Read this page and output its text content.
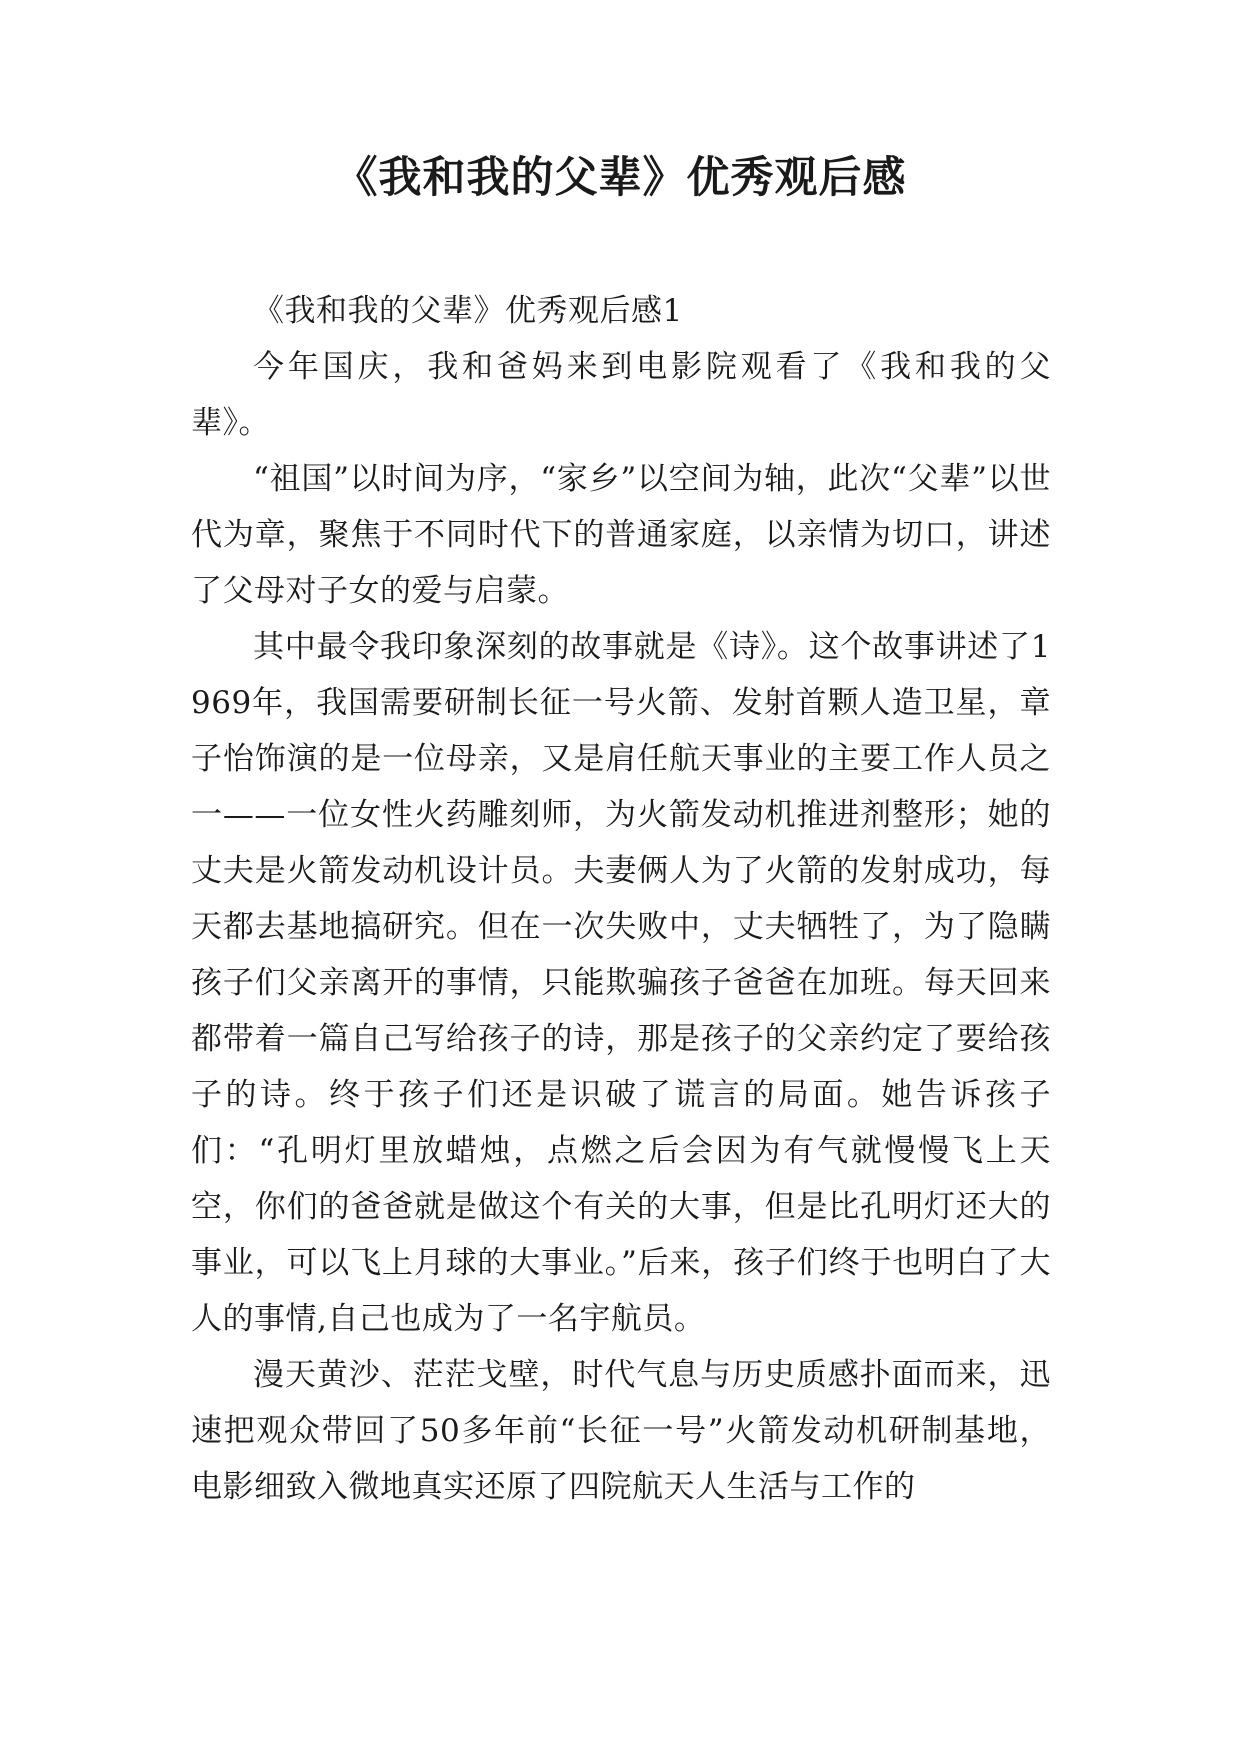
《我和我的父辈》优秀观后感

《我和我的父辈》优秀观后感1

今年国庆，我和爸妈来到电影院观看了《我和我的父辈》。

“祖国”以时间为序，“家乡”以空间为轴，此次“父辈”以世代为章，聚焦于不同时代下的普通家庭，以亲情为切口，讲述了父母对子女的爱与启蒙。

其中最令我印象深刻的故事就是《诗》。这个故事讲述了1969年，我国需要研制长征一号火箭、发射首颗人造卫星，章子怡饰演的是一位母亲，又是肩任航天事业的主要工作人员之一——一位女性火药雕刻师，为火箭发动机推进剂整形；她的丈夫是火箭发动机设计员。夫妻俩人为了火箭的发射成功，每天都去基地搞研究。但在一次失败中，丈夫牺牲了，为了隐瞒孩子们父亲离开的事情，只能欺骗孩子爸爸在加班。每天回来都带着一篇自己写给孩子的诗，那是孩子的父亲约定了要给孩子的诗。终于孩子们还是识破了谎言的局面。她告诉孩子们：“孔明灯里放蜡烛，点燃之后会因为有气就慢慢飞上天空，你们的爸爸就是做这个有关的大事，但是比孔明灯还大的事业，可以飞上月球的大事业。”后来，孩子们终于也明白了大人的事情,自己也成为了一名宇航员。

漫天黄沙、茫茫戈壁，时代气息与历史质感扑面而来，迅速把观众带回了50多年前“长征一号”火箭发动机研制基地，电影细致入微地真实还原了四院航天人生活与工作的
